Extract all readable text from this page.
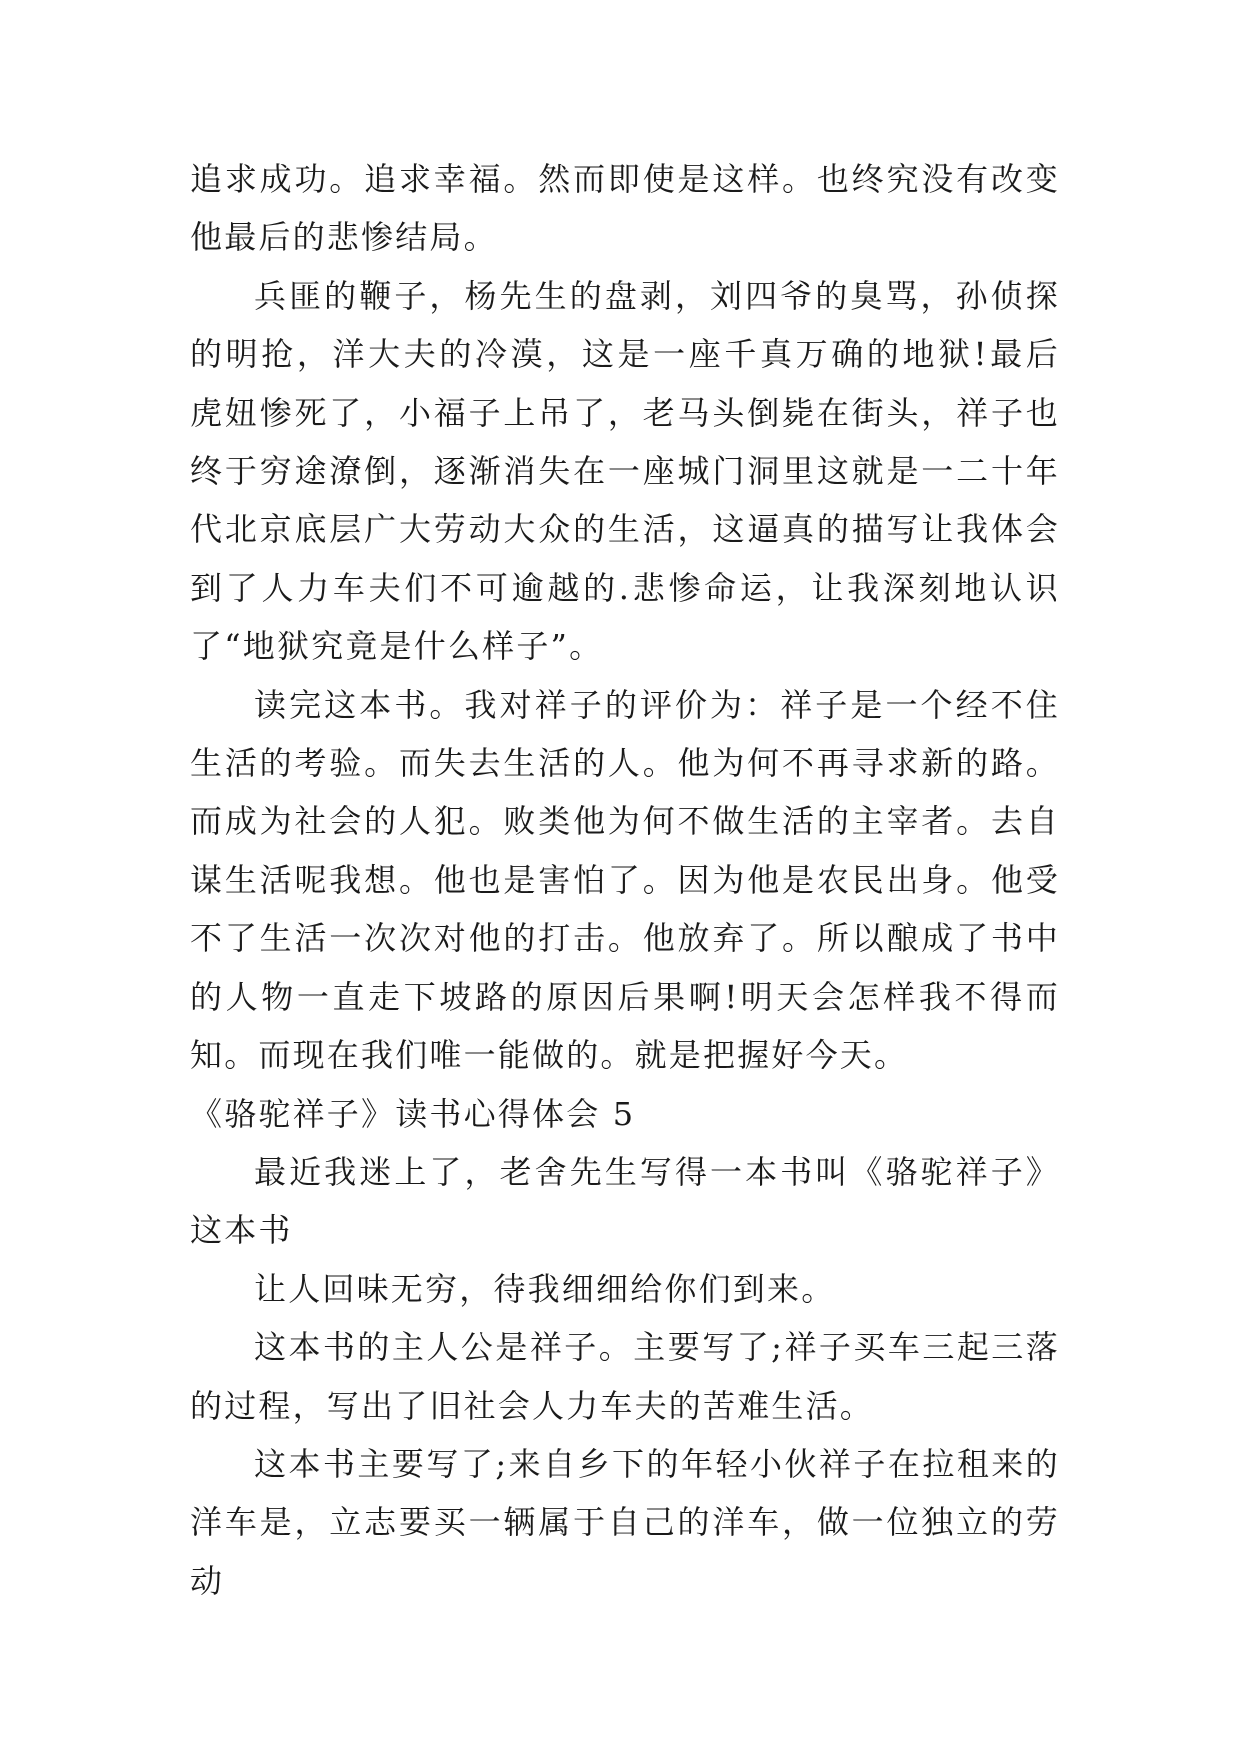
追求成功。追求幸福。然而即使是这样。也终究没有改变他最后的悲惨结局。

兵匪的鞭子，杨先生的盘剥，刘四爷的臭骂，孙侦探的明抢，洋大夫的冷漠，这是一座千真万确的地狱!最后虎妞惨死了，小福子上吊了，老马头倒毙在街头，祥子也终于穷途潦倒，逐渐消失在一座城门洞里这就是一二十年代北京底层广大劳动大众的生活，这逼真的描写让我体会到了人力车夫们不可逾越的.悲惨命运，让我深刻地认识了“地狱究竟是什么样子”。

读完这本书。我对祥子的评价为：祥子是一个经不住生活的考验。而失去生活的人。他为何不再寻求新的路。而成为社会的人犯。败类他为何不做生活的主宰者。去自谋生活呢我想。他也是害怕了。因为他是农民出身。他受不了生活一次次对他的打击。他放弃了。所以酿成了书中的人物一直走下坡路的原因后果啊!明天会怎样我不得而知。而现在我们唯一能做的。就是把握好今天。

《骆驼祥子》读书心得体会 5

最近我迷上了，老舍先生写得一本书叫《骆驼祥子》这本书

让人回味无穷，待我细细给你们到来。

这本书的主人公是祥子。主要写了;祥子买车三起三落的过程，写出了旧社会人力车夫的苦难生活。

这本书主要写了;来自乡下的年轻小伙祥子在拉租来的洋车是，立志要买一辆属于自己的洋车，做一位独立的劳动
